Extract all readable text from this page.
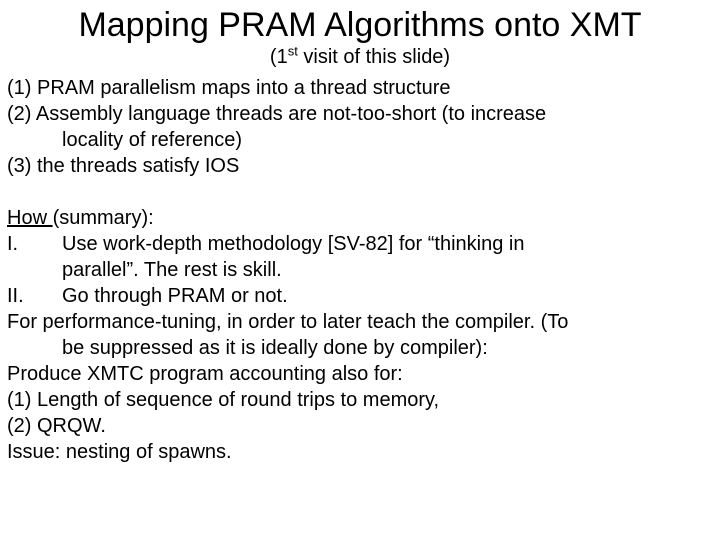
Mapping PRAM Algorithms onto XMT
(1st visit of this slide)
(1) PRAM parallelism maps into a thread structure
(2) Assembly language threads are not-too-short (to increase
locality of reference)
(3) the threads satisfy IOS
How (summary):
I. Use work-depth methodology [SV-82] for “thinking in
parallel”. The rest is skill.
II. Go through PRAM or not.
For performance-tuning, in order to later teach the compiler. (To
be suppressed as it is ideally done by compiler):
Produce XMTC program accounting also for:
(1) Length of sequence of round trips to memory,
(2) QRQW.
Issue: nesting of spawns.
